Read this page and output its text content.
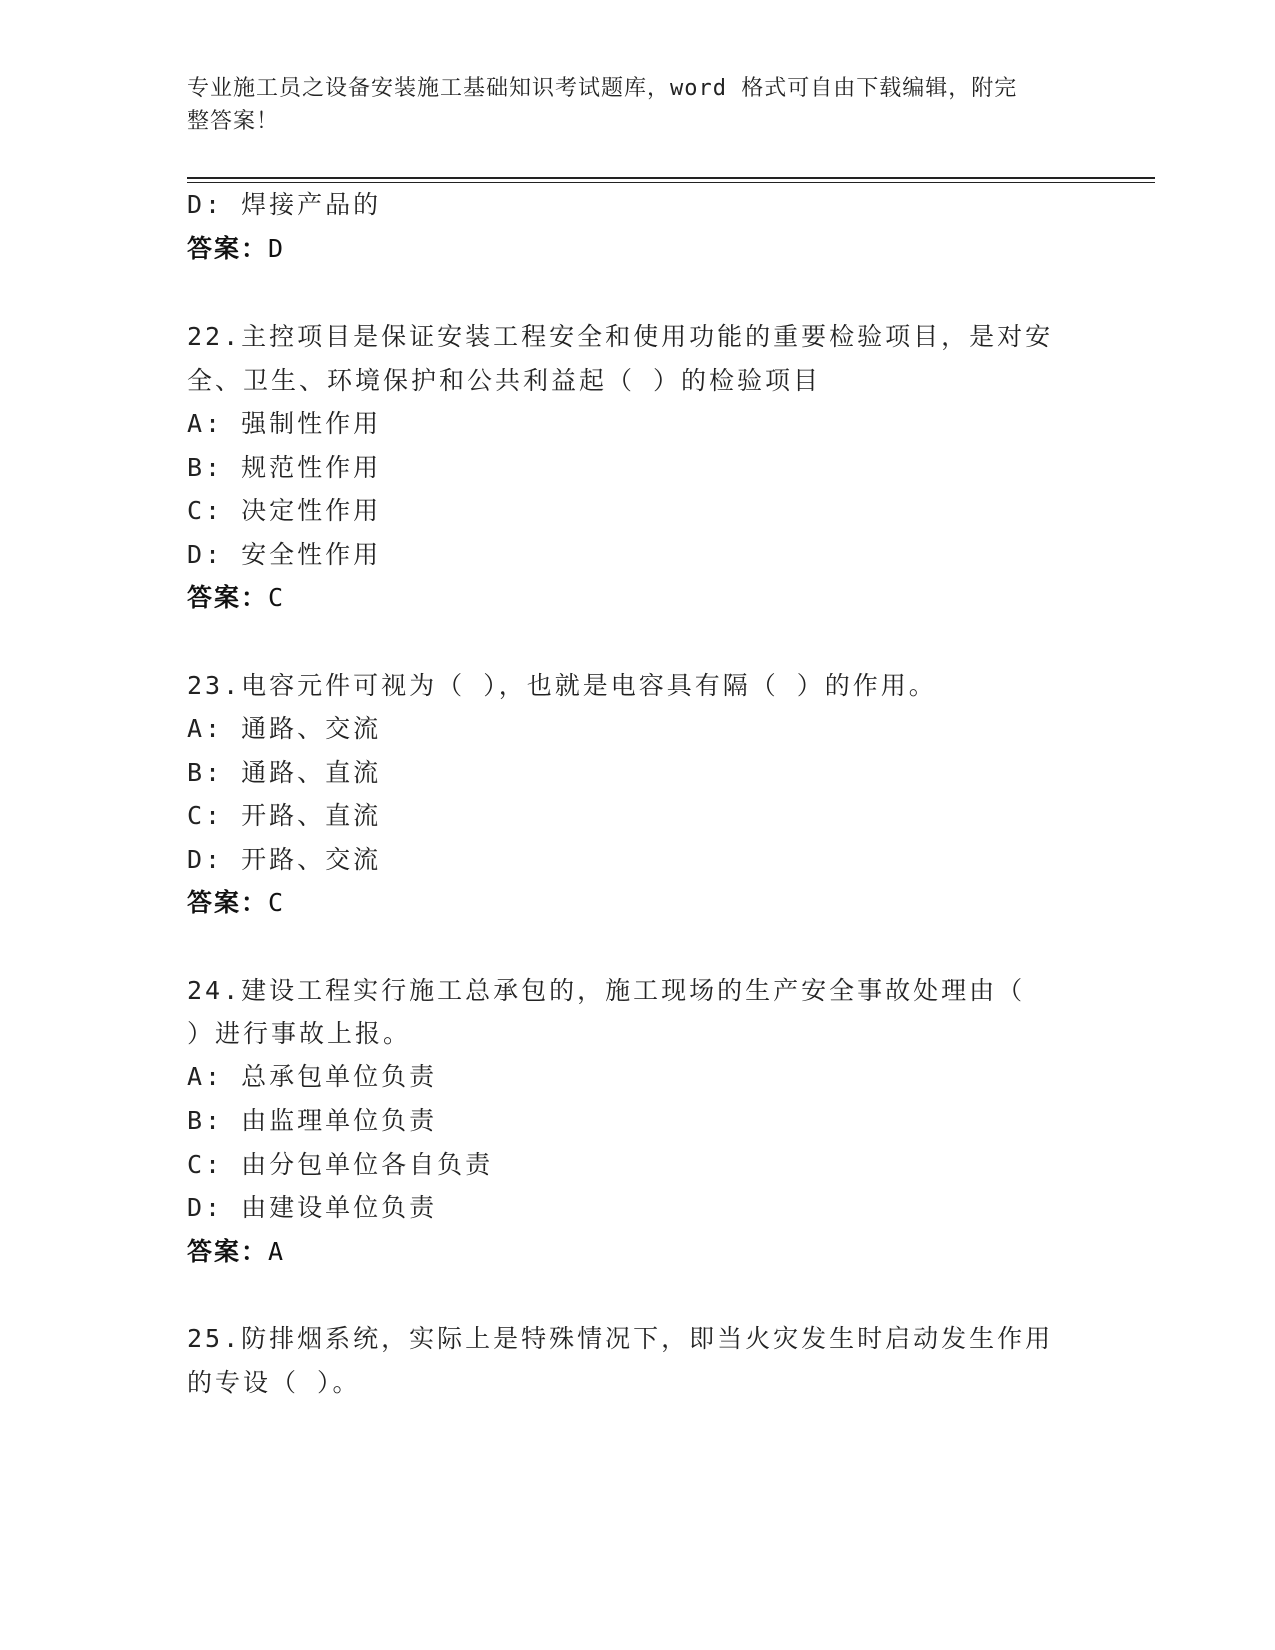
专业施工员之设备安装施工基础知识考试题库，word 格式可自由下载编辑，附完
整答案！
D: 焊接产品的
答案：D
22.主控项目是保证安装工程安全和使用功能的重要检验项目，是对安
全、卫生、环境保护和公共利益起（ ）的检验项目
A: 强制性作用
B: 规范性作用
C: 决定性作用
D: 安全性作用
答案：C
23.电容元件可视为（ ），也就是电容具有隔（ ）的作用。
A: 通路、交流
B: 通路、直流
C: 开路、直流
D: 开路、交流
答案：C
24.建设工程实行施工总承包的，施工现场的生产安全事故处理由（
）进行事故上报。
A: 总承包单位负责
B: 由监理单位负责
C: 由分包单位各自负责
D: 由建设单位负责
答案：A
25.防排烟系统，实际上是特殊情况下，即当火灾发生时启动发生作用
的专设（ ）。
